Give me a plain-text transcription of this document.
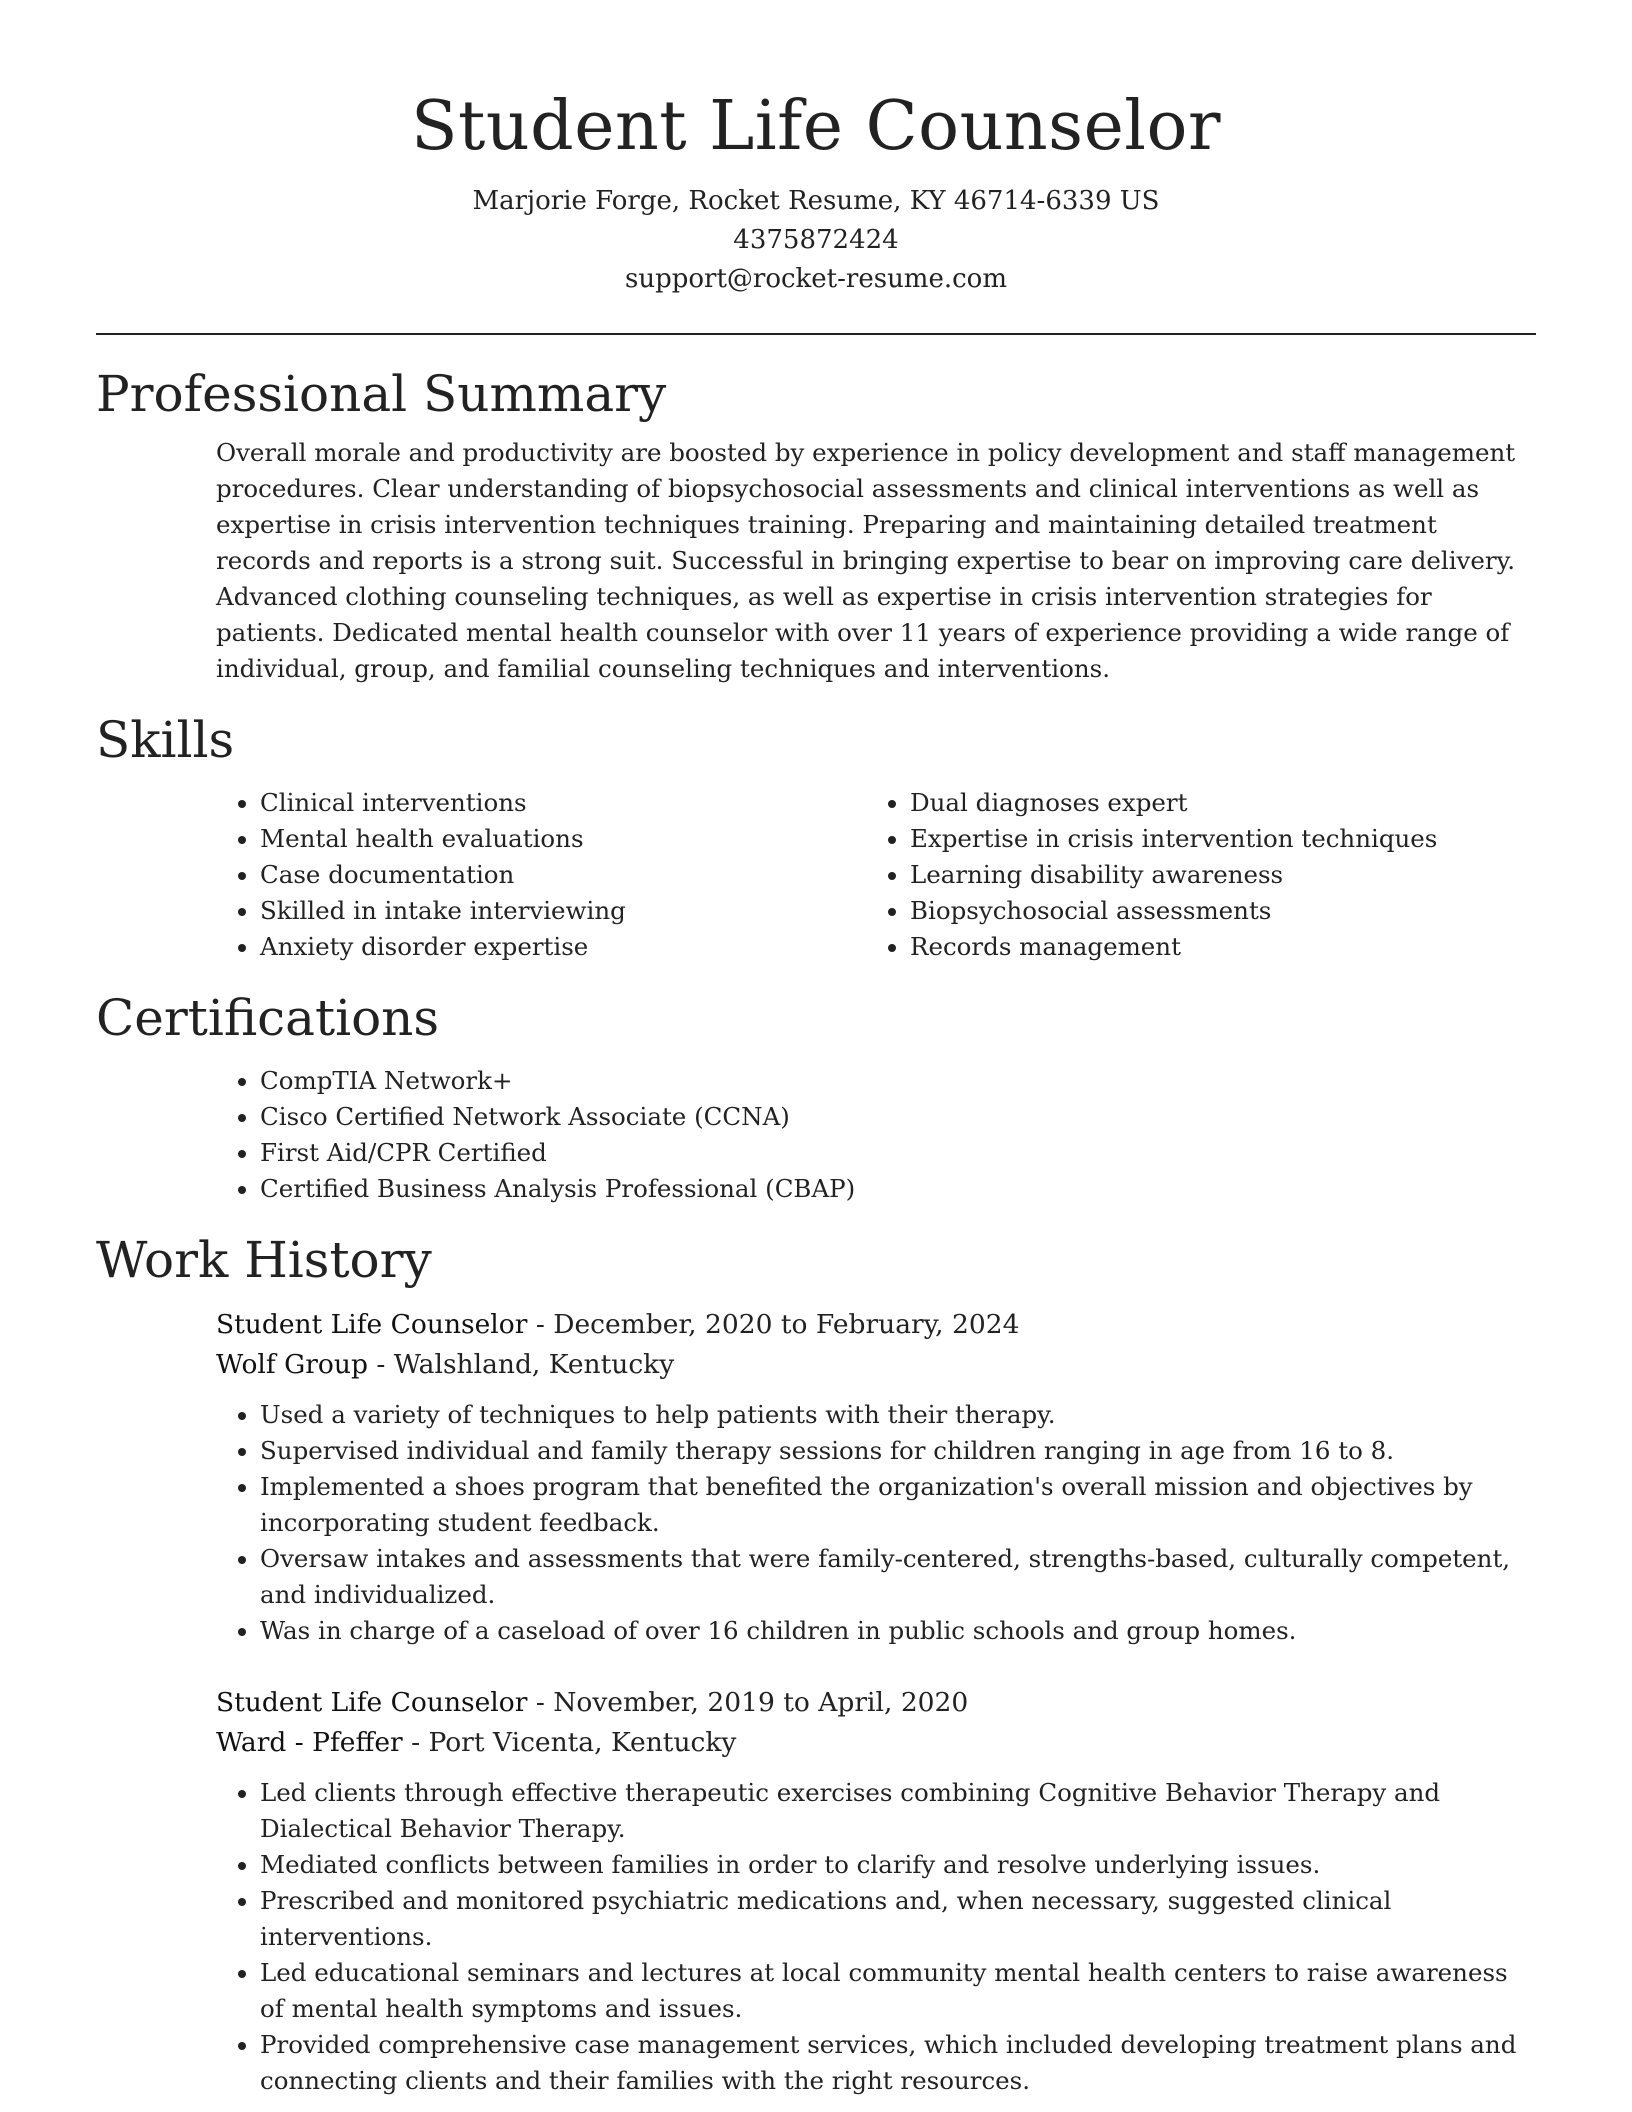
Student Life Counselor
Marjorie Forge, Rocket Resume, KY 46714-6339 US
4375872424
support@rocket-resume.com
Professional Summary

Overall morale and productivity are boosted by experience in policy development and staff management procedures. Clear understanding of biopsychosocial assessments and clinical interventions as well as expertise in crisis intervention techniques training. Preparing and maintaining detailed treatment records and reports is a strong suit. Successful in bringing expertise to bear on improving care delivery. Advanced clothing counseling techniques, as well as expertise in crisis intervention strategies for patients. Dedicated mental health counselor with over 11 years of experience providing a wide range of individual, group, and familial counseling techniques and interventions.

Skills
• Clinical interventions
• Mental health evaluations
• Case documentation
• Skilled in intake interviewing
• Anxiety disorder expertise
• Dual diagnoses expert
• Expertise in crisis intervention techniques
• Learning disability awareness
• Biopsychosocial assessments
• Records management
Certifications
• CompTIA Network+
• Cisco Certified Network Associate (CCNA)
• First Aid/CPR Certified
• Certified Business Analysis Professional (CBAP)
Work History
Student Life Counselor - December, 2020 to February, 2024
Wolf Group - Walshland, Kentucky
• Used a variety of techniques to help patients with their therapy.
• Supervised individual and family therapy sessions for children ranging in age from 16 to 8.
• Implemented a shoes program that benefited the organization's overall mission and objectives by incorporating student feedback.
• Oversaw intakes and assessments that were family-centered, strengths-based, culturally competent, and individualized.
• Was in charge of a caseload of over 16 children in public schools and group homes.
Student Life Counselor - November, 2019 to April, 2020
Ward - Pfeffer - Port Vicenta, Kentucky
• Led clients through effective therapeutic exercises combining Cognitive Behavior Therapy and Dialectical Behavior Therapy.
• Mediated conflicts between families in order to clarify and resolve underlying issues.
• Prescribed and monitored psychiatric medications and, when necessary, suggested clinical interventions.
• Led educational seminars and lectures at local community mental health centers to raise awareness of mental health symptoms and issues.
• Provided comprehensive case management services, which included developing treatment plans and connecting clients and their families with the right resources.
